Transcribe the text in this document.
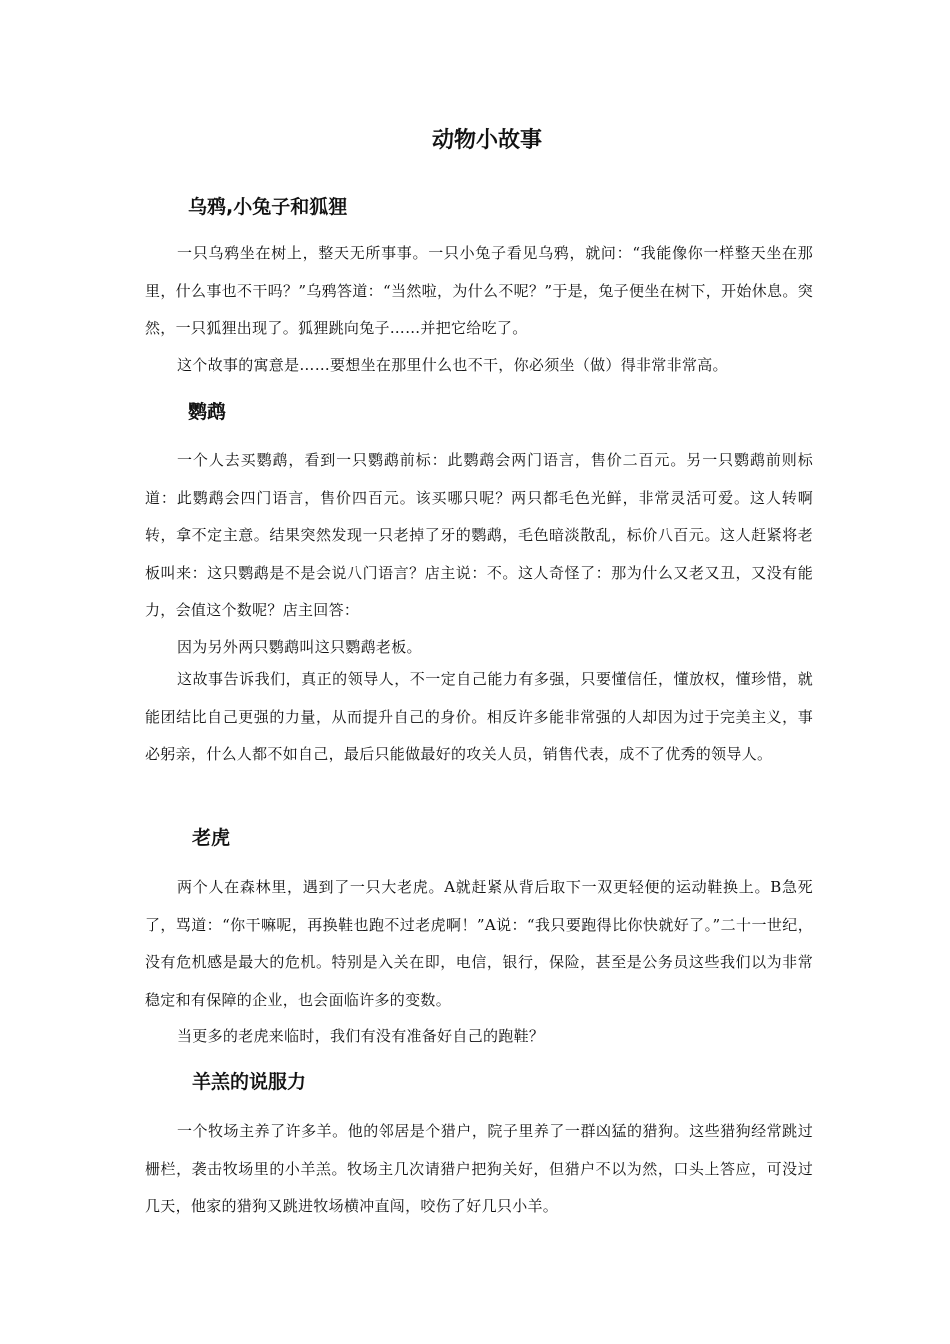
动物小故事
乌鸦,小兔子和狐狸

一只乌鸦坐在树上，整天无所事事。一只小兔子看见乌鸦，就问：“我能像你一样整天坐在那里，什么事也不干吗？”乌鸦答道：“当然啦，为什么不呢？”于是，兔子便坐在树下，开始休息。突然，一只狐狸出现了。狐狸跳向兔子……并把它给吃了。

这个故事的寓意是……要想坐在那里什么也不干，你必须坐（做）得非常非常高。

鹦鹉

一个人去买鹦鹉，看到一只鹦鹉前标：此鹦鹉会两门语言，售价二百元。另一只鹦鹉前则标道：此鹦鹉会四门语言，售价四百元。该买哪只呢？两只都毛色光鲜，非常灵活可爱。这人转啊转，拿不定主意。结果突然发现一只老掉了牙的鹦鹉，毛色暗淡散乱，标价八百元。这人赶紧将老板叫来：这只鹦鹉是不是会说八门语言？店主说：不。这人奇怪了：那为什么又老又丑，又没有能力，会值这个数呢？店主回答：

因为另外两只鹦鹉叫这只鹦鹉老板。

这故事告诉我们，真正的领导人，不一定自己能力有多强，只要懂信任，懂放权，懂珍惜，就能团结比自己更强的力量，从而提升自己的身价。相反许多能非常强的人却因为过于完美主义，事必躬亲，什么人都不如自己，最后只能做最好的攻关人员，销售代表，成不了优秀的领导人。

老虎

两个人在森林里，遇到了一只大老虎。A就赶紧从背后取下一双更轻便的运动鞋换上。B急死了，骂道：“你干嘛呢，再换鞋也跑不过老虎啊！”A说：“我只要跑得比你快就好了。”二十一世纪，没有危机感是最大的危机。特别是入关在即，电信，银行，保险，甚至是公务员这些我们以为非常稳定和有保障的企业，也会面临许多的变数。

当更多的老虎来临时，我们有没有准备好自己的跑鞋？

羊羔的说服力

一个牧场主养了许多羊。他的邻居是个猎户，院子里养了一群凶猛的猎狗。这些猎狗经常跳过栅栏，袭击牧场里的小羊羔。牧场主几次请猎户把狗关好，但猎户不以为然，口头上答应，可没过几天，他家的猎狗又跳进牧场横冲直闯，咬伤了好几只小羊。
